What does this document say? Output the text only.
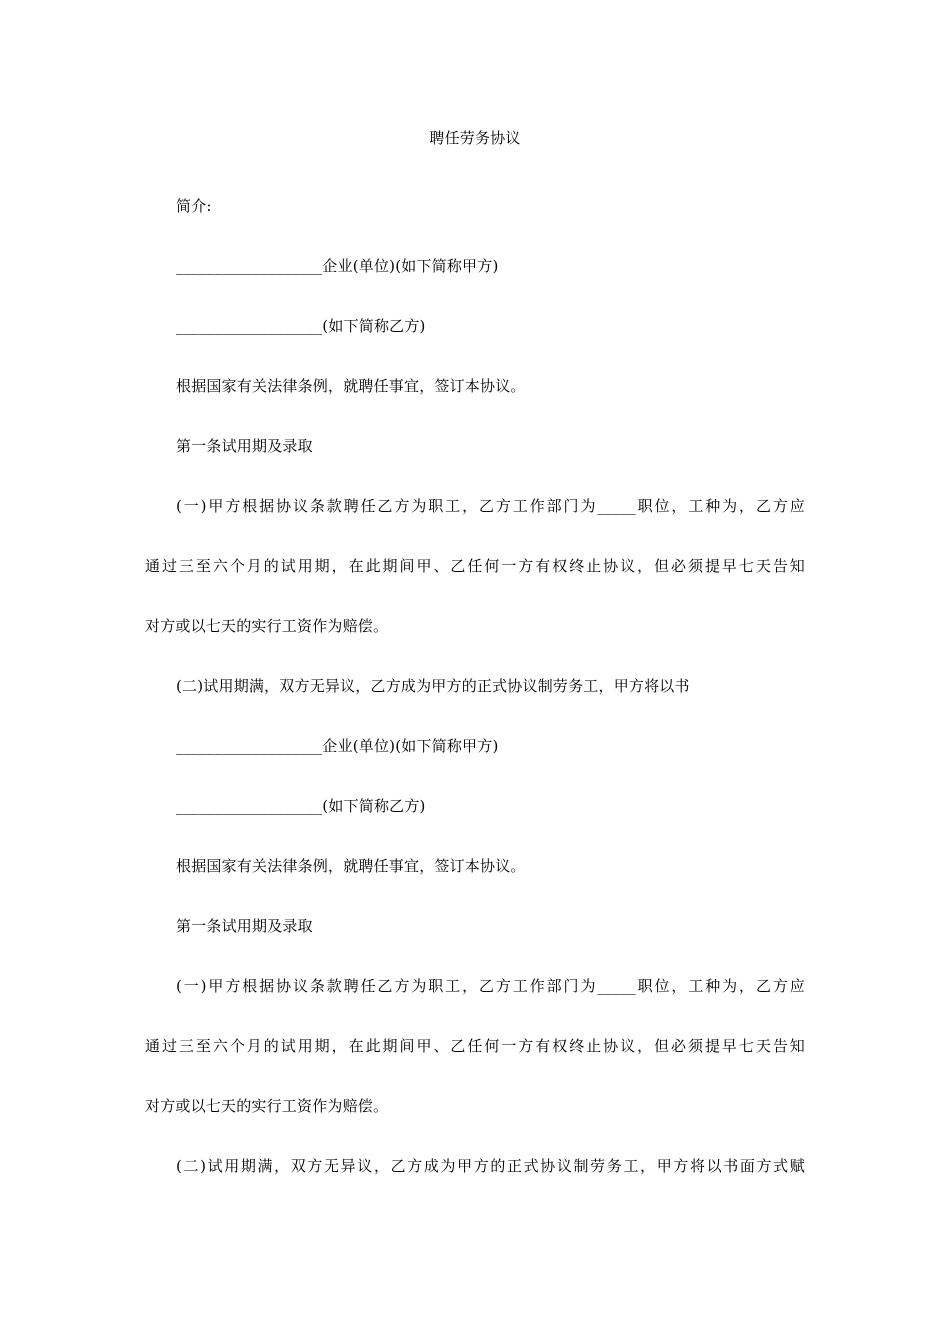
聘任劳务协议
简介:
___________________企业(单位)(如下简称甲方)
___________________(如下简称乙方)
根据国家有关法律条例，就聘任事宜，签订本协议。
第一条试用期及录取
(一)甲方根据协议条款聘任乙方为职工，乙方工作部门为_____职位，工种为，乙方应
通过三至六个月的试用期，在此期间甲、乙任何一方有权终止协议，但必须提早七天告知
对方或以七天的实行工资作为赔偿。
(二)试用期满，双方无异议，乙方成为甲方的正式协议制劳务工，甲方将以书
___________________企业(单位)(如下简称甲方)
___________________(如下简称乙方)
根据国家有关法律条例，就聘任事宜，签订本协议。
第一条试用期及录取
(一)甲方根据协议条款聘任乙方为职工，乙方工作部门为_____职位，工种为，乙方应
通过三至六个月的试用期，在此期间甲、乙任何一方有权终止协议，但必须提早七天告知
对方或以七天的实行工资作为赔偿。
(二)试用期满，双方无异议，乙方成为甲方的正式协议制劳务工，甲方将以书面方式赋
